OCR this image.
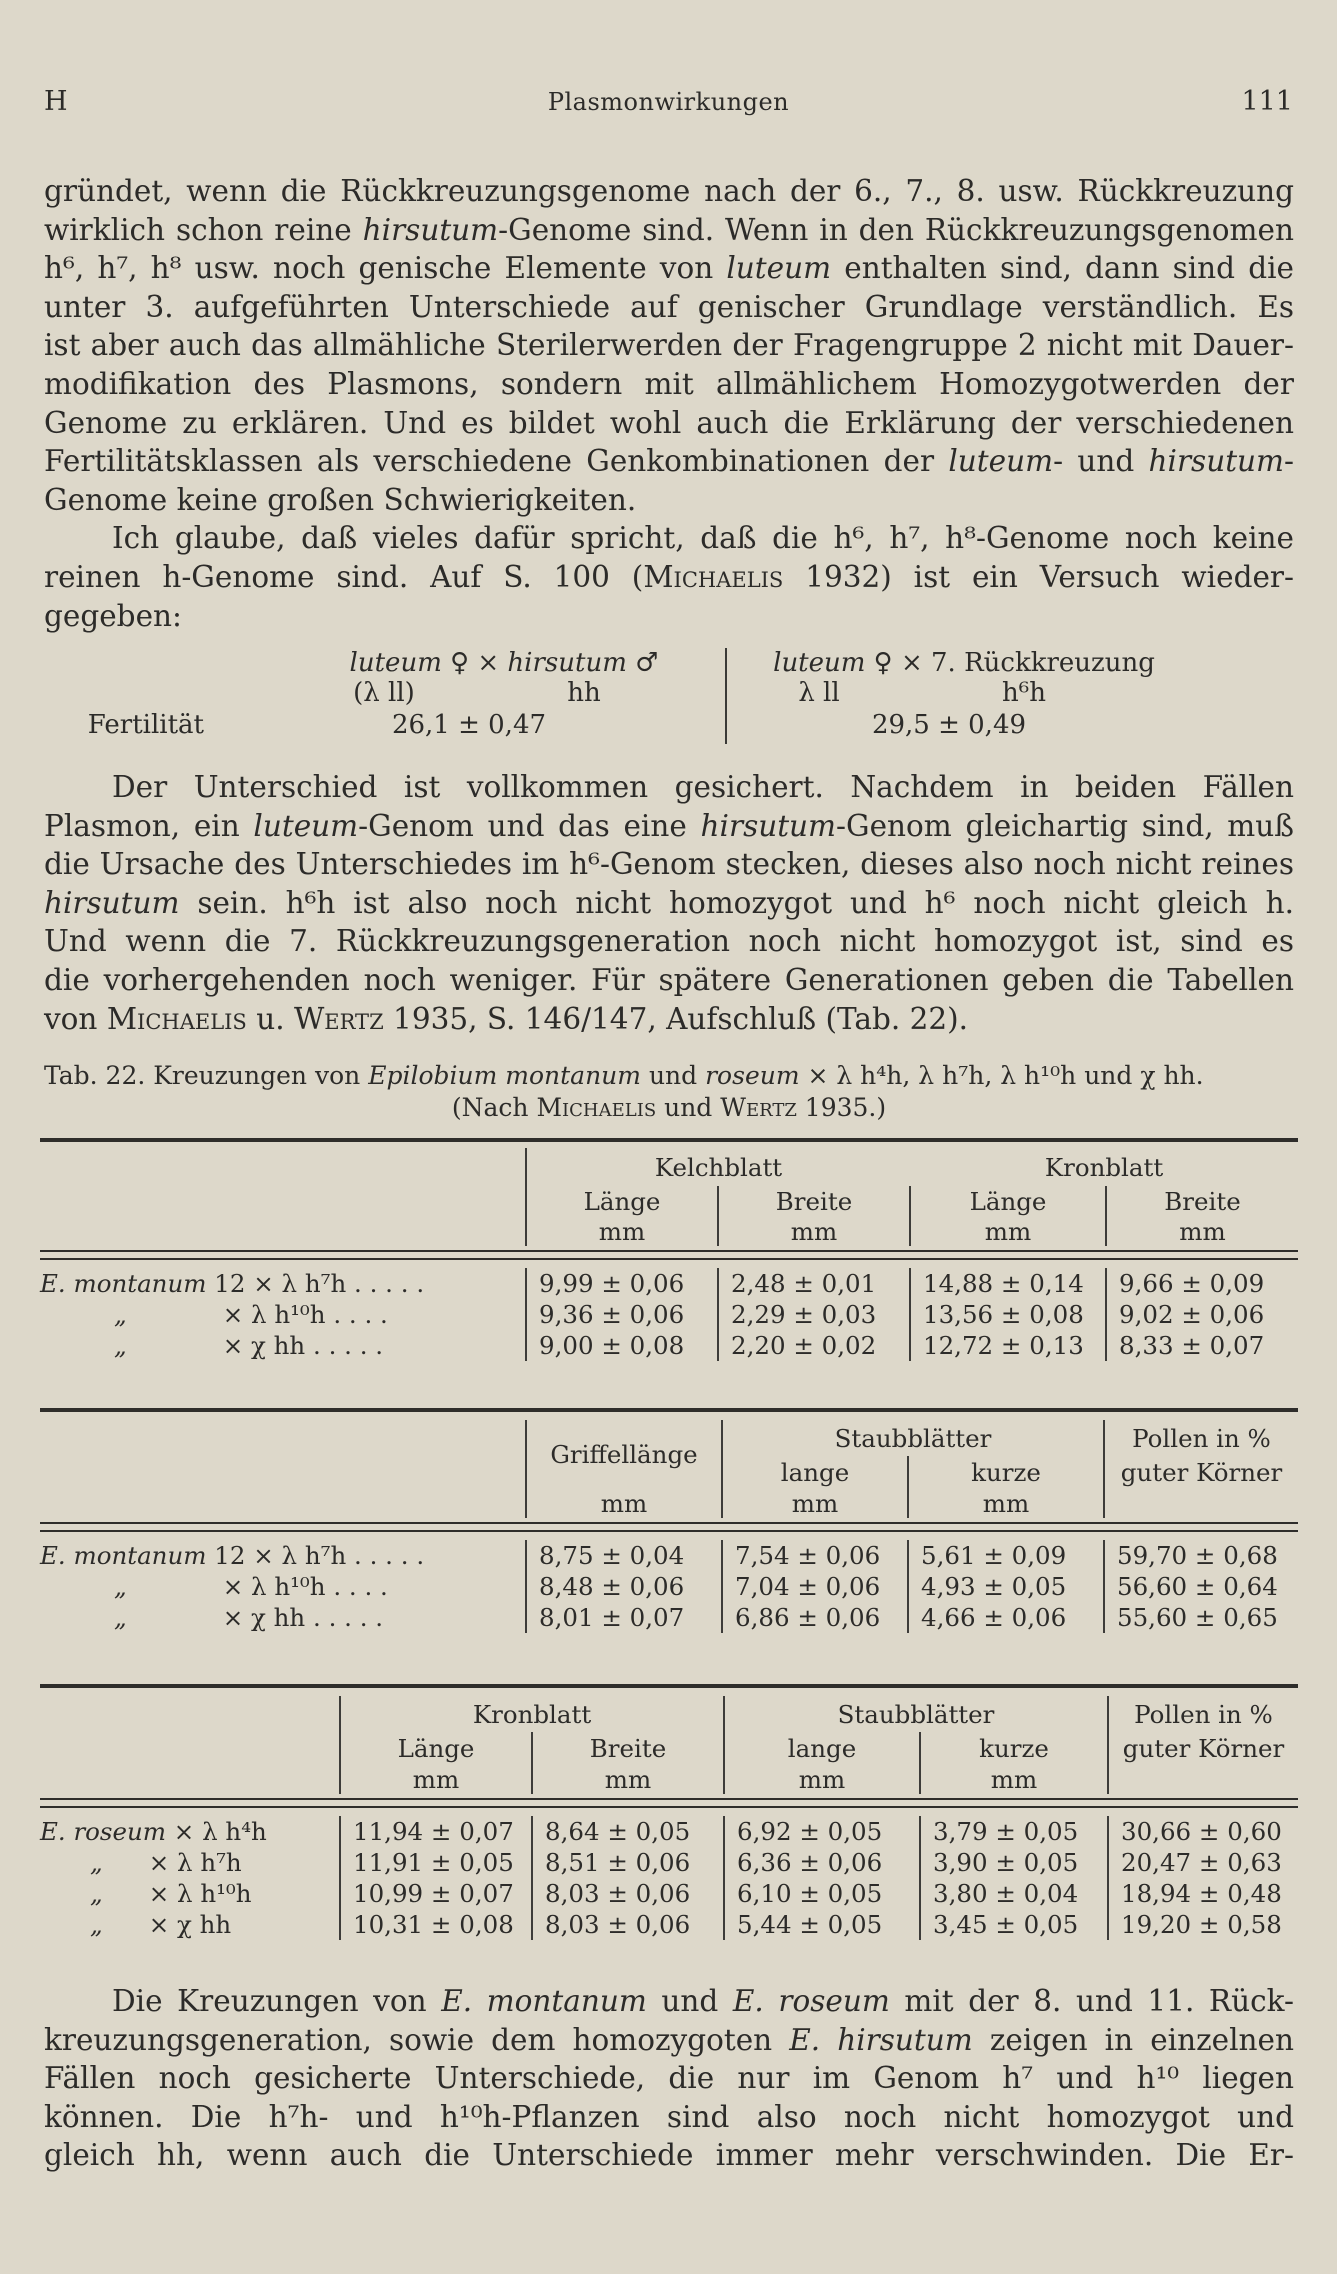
H	Plasmonwirkungen	111
gründet, wenn die Rückkreuzungsgenome nach der 6., 7., 8. usw. Rückkreuzung
wirklich schon reine hirsutum-Genome sind. Wenn in den Rückkreuzungsgenomen
h⁶, h⁷, h⁸ usw. noch genische Elemente von luteum enthalten sind, dann sind die
unter 3. aufgeführten Unterschiede auf genischer Grundlage verständlich. Es
ist aber auch das allmähliche Sterilerwerden der Fragengruppe 2 nicht mit Dauer-
modifikation des Plasmons, sondern mit allmählichem Homozygotwerden der
Genome zu erklären. Und es bildet wohl auch die Erklärung der verschiedenen
Fertilitätsklassen als verschiedene Genkombinationen der luteum- und hirsutum-
Genome keine großen Schwierigkeiten.
Ich glaube, daß vieles dafür spricht, daß die h⁶, h⁷, h⁸-Genome noch keine
reinen h-Genome sind. Auf S. 100 (Michaelis 1932) ist ein Versuch wieder-
gegeben:
luteum ♀ × hirsutum ♂
(λ ll)	hh
Fertilität	26,1 ± 0,47
luteum ♀ × 7. Rückkreuzung
λ ll	h⁶h
29,5 ± 0,49
Der Unterschied ist vollkommen gesichert. Nachdem in beiden Fällen
Plasmon, ein luteum-Genom und das eine hirsutum-Genom gleichartig sind, muß
die Ursache des Unterschiedes im h⁶-Genom stecken, dieses also noch nicht reines
hirsutum sein. h⁶h ist also noch nicht homozygot und h⁶ noch nicht gleich h.
Und wenn die 7. Rückkreuzungsgeneration noch nicht homozygot ist, sind es
die vorhergehenden noch weniger. Für spätere Generationen geben die Tabellen
von Michaelis u. Wertz 1935, S. 146/147, Aufschluß (Tab. 22).
Tab. 22. Kreuzungen von Epilobium montanum und roseum × λ h⁴h, λ h⁷h, λ h¹⁰h und χ hh.
(Nach Michaelis und Wertz 1935.)
	Kelchblatt		Kronblatt	
	Länge	Breite	Länge	Breite
	mm	mm	mm	mm
E. montanum 12 × λ h⁷h . . . . .	9,99 ± 0,06	2,48 ± 0,01	14,88 ± 0,14	9,66 ± 0,09
„ × λ h¹⁰h . . . .	9,36 ± 0,06	2,29 ± 0,03	13,56 ± 0,08	9,02 ± 0,06
„ × χ hh . . . . .	9,00 ± 0,08	2,20 ± 0,02	12,72 ± 0,13	8,33 ± 0,07
	Griffellänge	Staubblätter		Pollen in %
		lange	kurze	guter Körner
	mm	mm	mm	
E. montanum 12 × λ h⁷h . . . . .	8,75 ± 0,04	7,54 ± 0,06	5,61 ± 0,09	59,70 ± 0,68
„ × λ h¹⁰h . . . .	8,48 ± 0,06	7,04 ± 0,06	4,93 ± 0,05	56,60 ± 0,64
„ × χ hh . . . . .	8,01 ± 0,07	6,86 ± 0,06	4,66 ± 0,06	55,60 ± 0,65
	Kronblatt		Staubblätter		Pollen in %
	Länge	Breite	lange	kurze	guter Körner
	mm	mm	mm	mm	
E. roseum × λ h⁴h	11,94 ± 0,07	8,64 ± 0,05	6,92 ± 0,05	3,79 ± 0,05	30,66 ± 0,60
„ × λ h⁷h	11,91 ± 0,05	8,51 ± 0,06	6,36 ± 0,06	3,90 ± 0,05	20,47 ± 0,63
„ × λ h¹⁰h	10,99 ± 0,07	8,03 ± 0,06	6,10 ± 0,05	3,80 ± 0,04	18,94 ± 0,48
„ × χ hh	10,31 ± 0,08	8,03 ± 0,06	5,44 ± 0,05	3,45 ± 0,05	19,20 ± 0,58
Die Kreuzungen von E. montanum und E. roseum mit der 8. und 11. Rück-
kreuzungsgeneration, sowie dem homozygoten E. hirsutum zeigen in einzelnen
Fällen noch gesicherte Unterschiede, die nur im Genom h⁷ und h¹⁰ liegen
können. Die h⁷h- und h¹⁰h-Pflanzen sind also noch nicht homozygot und
gleich hh, wenn auch die Unterschiede immer mehr verschwinden. Die Er-
